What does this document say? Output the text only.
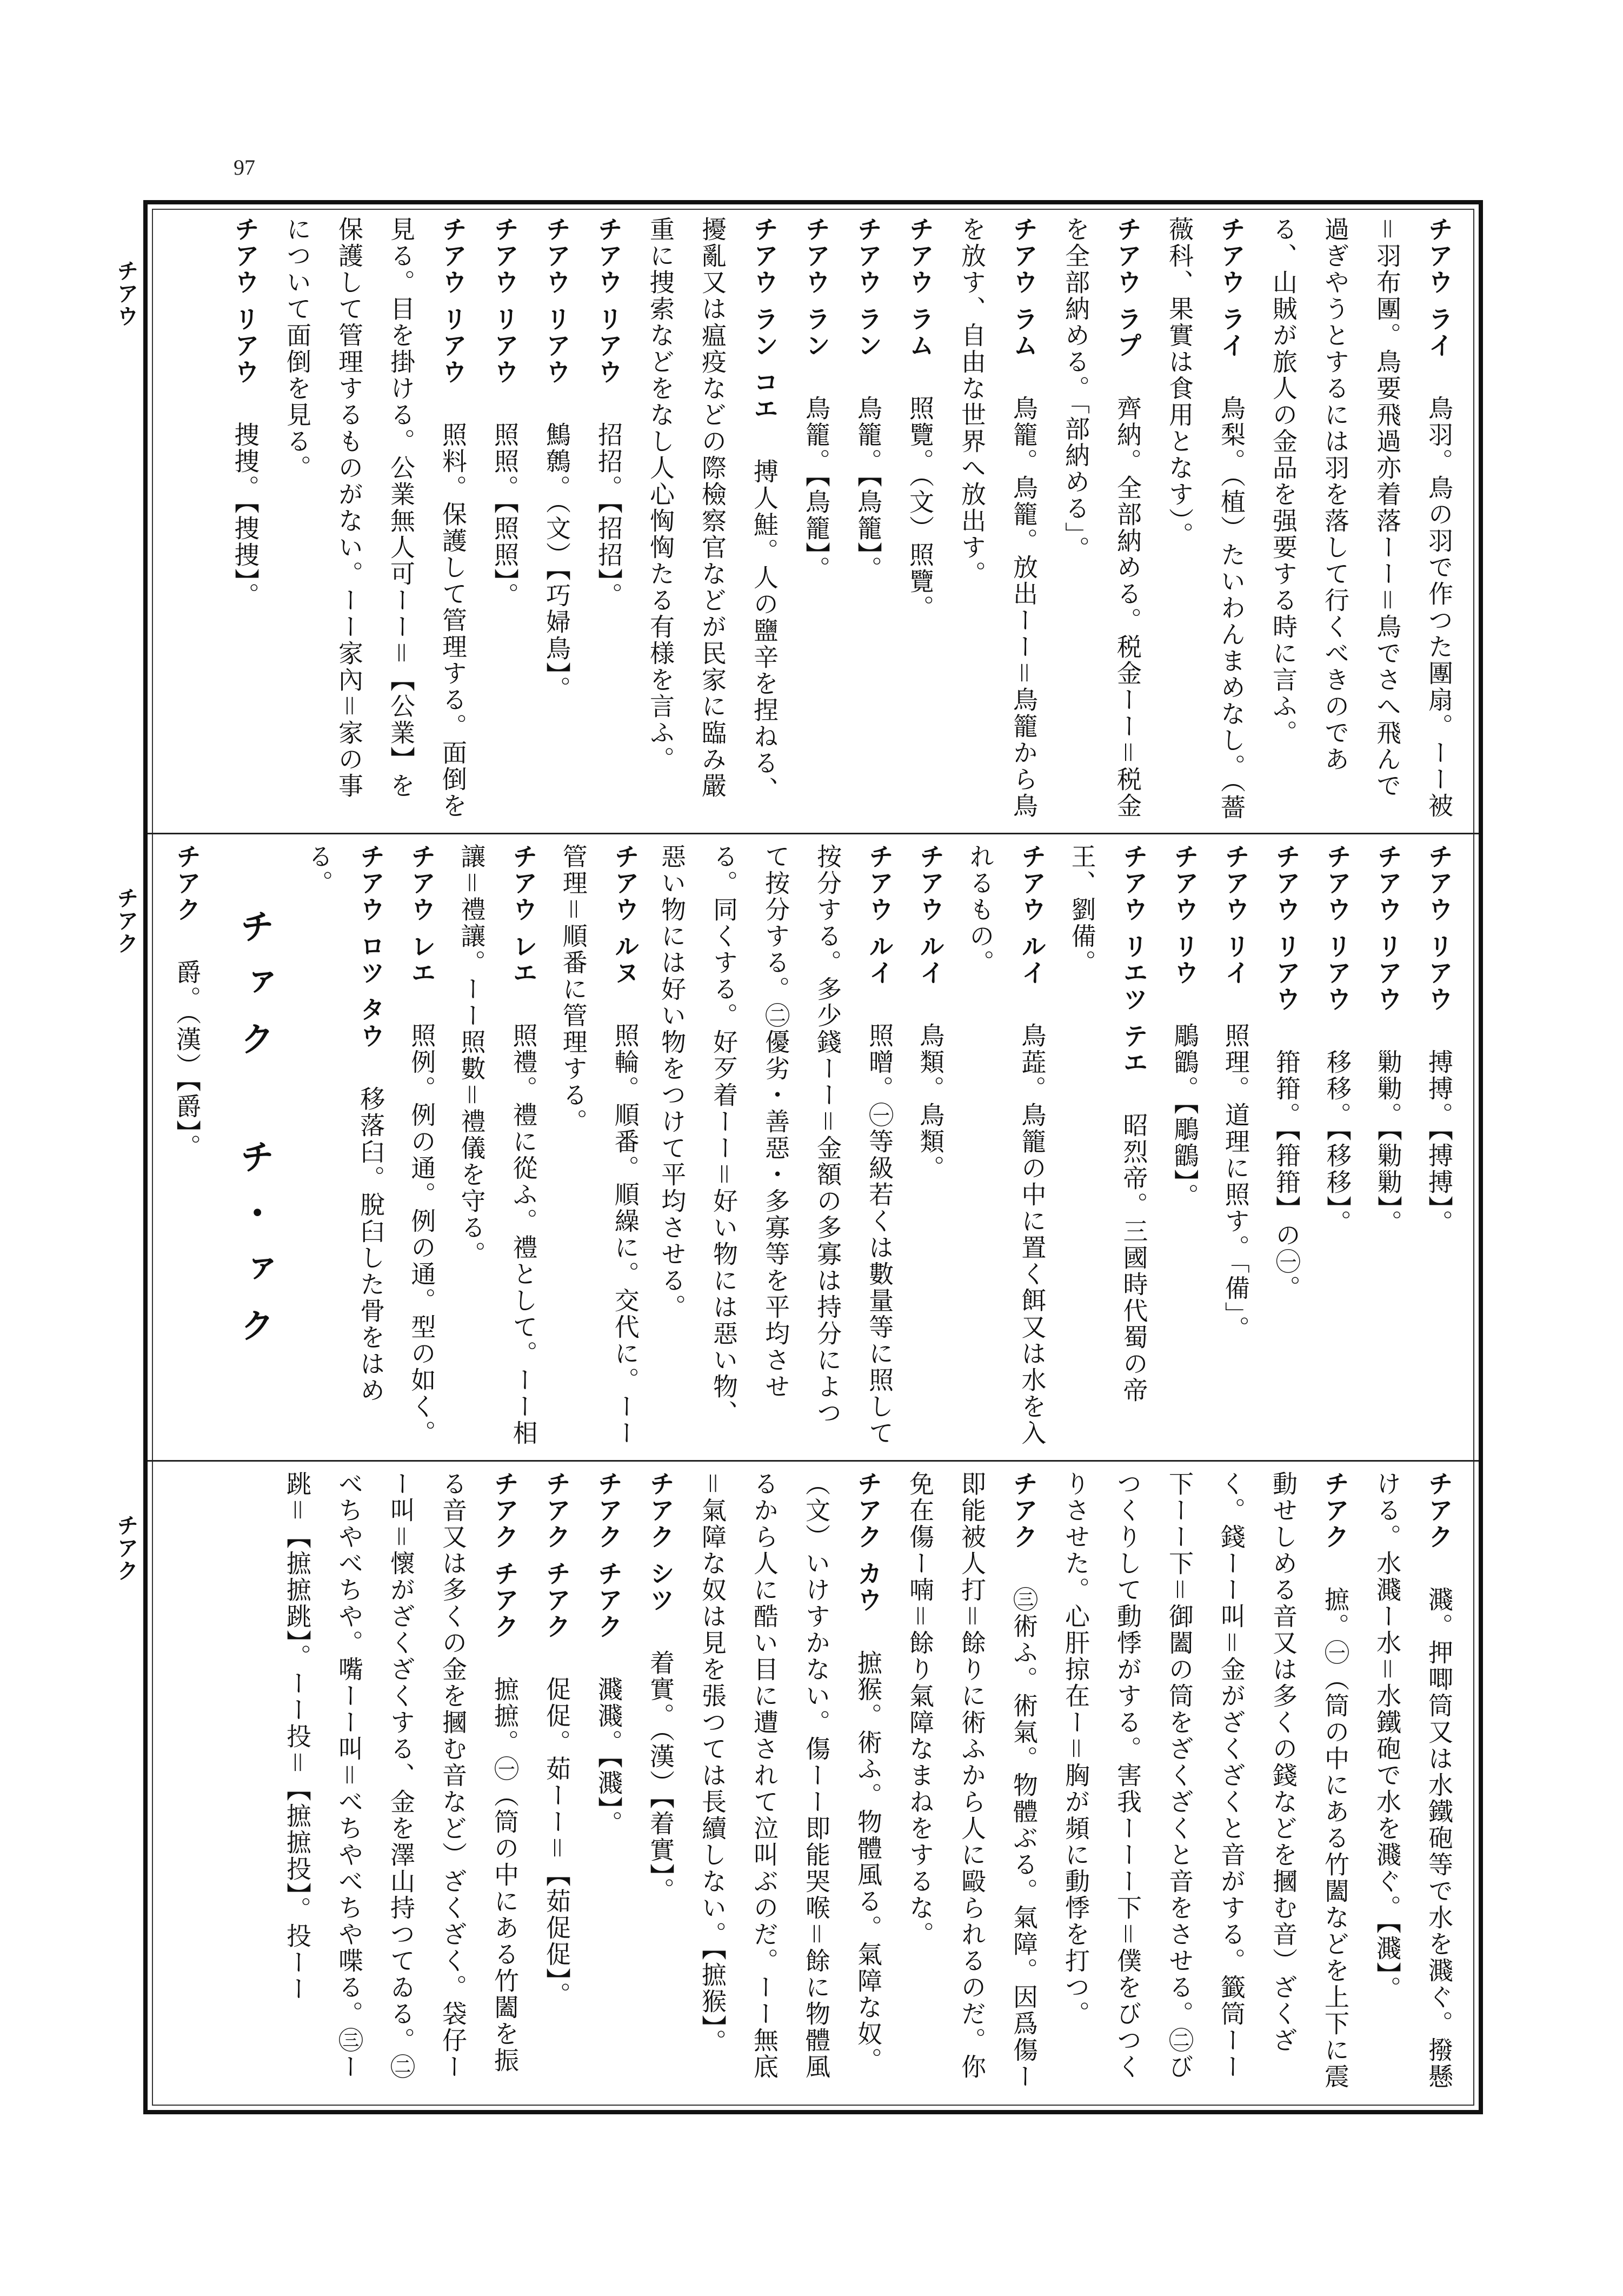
97
チアウ
チアク
チアク
チアウ ライ　鳥羽。鳥の羽で作つた團扇。ーー被＝羽布團。鳥要飛過亦着落ーー＝鳥でさへ飛んで過ぎやうとするには羽を落して行くべきのである、山賊が旅人の金品を强要する時に言ふ。
チアウ ライ　鳥梨。（植）たいわんまめなし。（薔薇科、果實は食用となす）。
チアウ ラプ　齊納。全部納める。税金ーー＝税金を全部納める。「部納める」。
チアウ ラム　鳥籠。鳥籠。放出ーー＝鳥籠から鳥を放す、自由な世界へ放出す。
チアウ ラム　照覽。（文）照覽。
チアウ ラン　鳥籠。【鳥籠】。
チアウ ラン　鳥籠。【鳥籠】。
チアウ ラン コエ　搏人鮭。人の鹽辛を捏ねる、擾亂又は瘟疫などの際檢察官などが民家に臨み嚴重に捜索などをなし人心恟恟たる有様を言ふ。
チアウ リアウ　招招。【招招】。
チアウ リアウ　鷦鷯。（文）【巧婦鳥】。
チアウ リアウ　照照。【照照】。
チアウ リアウ　照料。保護して管理する。面倒を見る。目を掛ける。公業無人可ーー＝【公業】を保護して管理するものがない。ーー家內＝家の事について面倒を見る。
チアウ リアウ　捜捜。【捜捜】。
チアウ リアウ　搏搏。【搏搏】。
チアウ リアウ　勦勦。【勦勦】。
チアウ リアウ　移移。【移移】。
チアウ リアウ　箝箝。【箝箝】の㊀。
チアウ リイ　照理。道理に照す。「備」。
チアウ リウ　鵰鶹。【鵰鶹】。
チアウ リエツ テエ　昭烈帝。三國時代蜀の帝王、劉備。
チアウ ルイ　鳥蕋。鳥籠の中に置く餌又は水を入れるもの。
チアウ ルイ　鳥類。鳥類。
チアウ ルイ　照㬝。㊀等級若くは數量等に照して按分する。多少錢ーー＝金額の多寡は持分によつて按分する。㊁優劣・善惡・多寡等を平均させる。同くする。好歹着ーー＝好い物には惡い物、惡い物には好い物をつけて平均させる。
チアウ ルヌ　照輪。順番。順繰に。交代に。ーー管理＝順番に管理する。
チアウ レエ　照禮。禮に從ふ。禮として。ーー相讓＝禮讓。ーー照數＝禮儀を守る。
チアウ レエ　照例。例の通。例の通。型の如く。
チアウ ロツ タウ　移落臼。脫臼した骨をはめる。
チァク チ・ァク
チアク　爵。（漢）【爵】。
チアク　濺。押唧筒又は水鐵砲等で水を濺ぐ。撥懸ける。水濺ー水＝水鐵砲で水を濺ぐ。【濺】。
チアク　摭。㊀（筒の中にある竹闔などを上下に震動せしめる音又は多くの錢などを摑む音）ざくざく。錢ーー叫＝金がざくざくと音がする。籤筒ーー下ーー下＝御闔の筒をざくざくと音をさせる。㊁びつくりして動悸がする。害我ーーー下＝僕をびつくりさせた。心肝掠在ー＝胸が頻に動悸を打つ。
チアク　㊂術ふ。術氣。物體ぶる。氣障。因爲傷ー即能被人打＝餘りに術ふから人に毆られるのだ。你免在傷ー喃＝餘り氣障なまねをするな。
チアク カウ　摭猴。術ふ。物體風る。氣障な奴。（文）いけすかない。傷ーー即能哭喉＝餘に物體風るから人に酷い目に遭されて泣叫ぶのだ。ーー無底＝氣障な奴は見を張つては長續しない。【摭猴】。
チアク シツ　着實。（漢）【着實】。
チアク チアク　濺濺。【濺】。
チアク チアク　促促。茹ーー＝【茹促促】。
チアク チアク　摭摭。㊀（筒の中にある竹闔を振る音又は多くの金を摑む音など）ざくざく。袋仔ーー叫＝懷がざくざくする、金を澤山持つてゐる。㊁べちやべちや。嘴ーー叫＝べちやべちや喋る。㊂ー跳＝【摭摭跳】。ーー投＝【摭摭投】。投ーー
